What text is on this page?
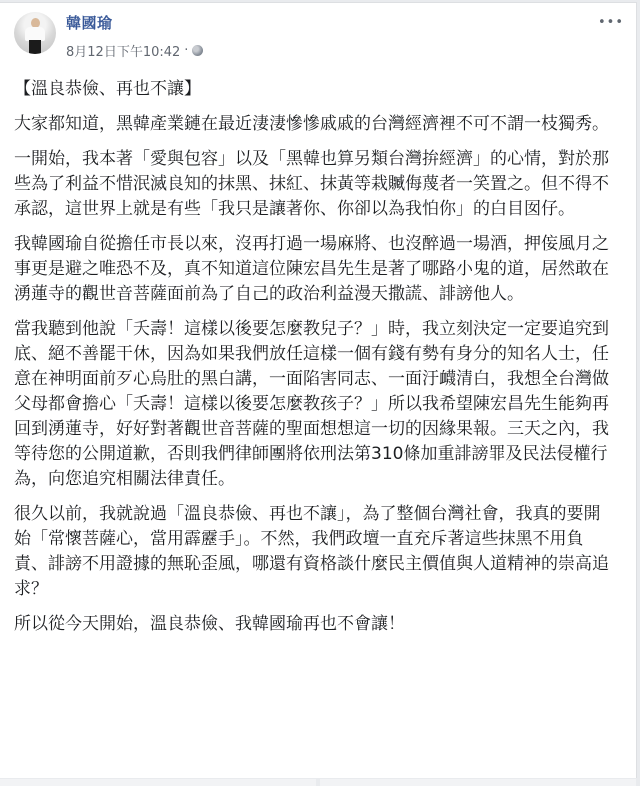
韓國瑜
8月12日下午10:42 ·
•••

【溫良恭儉、再也不讓】

大家都知道，黑韓產業鏈在最近淒淒慘慘戚戚的台灣經濟裡不可不謂一枝獨秀。

一開始，我本著「愛與包容」以及「黑韓也算另類台灣拚經濟」的心情，對於那些為了利益不惜泯滅良知的抹黑、抹紅、抹黃等栽贓侮蔑者一笑置之。但不得不承認，這世界上就是有些「我只是讓著你、你卻以為我怕你」的白目囡仔。

我韓國瑜自從擔任市長以來，沒再打過一場麻將、也沒醉過一場酒，押侫風月之事更是避之唯恐不及，真不知道這位陳宏昌先生是著了哪路小鬼的道，居然敢在湧蓮寺的觀世音菩薩面前為了自己的政治利益漫天撒謊、誹謗他人。

當我聽到他說「夭壽！這樣以後要怎麼教兒子？」時，我立刻決定一定要追究到底、絕不善罷干休，因為如果我們放任這樣一個有錢有勢有身分的知名人士，任意在神明面前歹心烏肚的黑白講，一面陷害同志、一面汙衊清白，我想全台灣做父母都會擔心「夭壽！這樣以後要怎麼教孩子？」所以我希望陳宏昌先生能夠再回到湧蓮寺，好好對著觀世音菩薩的聖面想想這一切的因緣果報。三天之內，我等待您的公開道歉，否則我們律師團將依刑法第310條加重誹謗罪及民法侵權行為，向您追究相關法律責任。

很久以前，我就說過「溫良恭儉、再也不讓」，為了整個台灣社會，我真的要開始「常懷菩薩心，當用霹靂手」。不然，我們政壇一直充斥著這些抹黑不用負責、誹謗不用證據的無恥歪風，哪還有資格談什麼民主價值與人道精神的崇高追求？

所以從今天開始，溫良恭儉、我韓國瑜再也不會讓！
